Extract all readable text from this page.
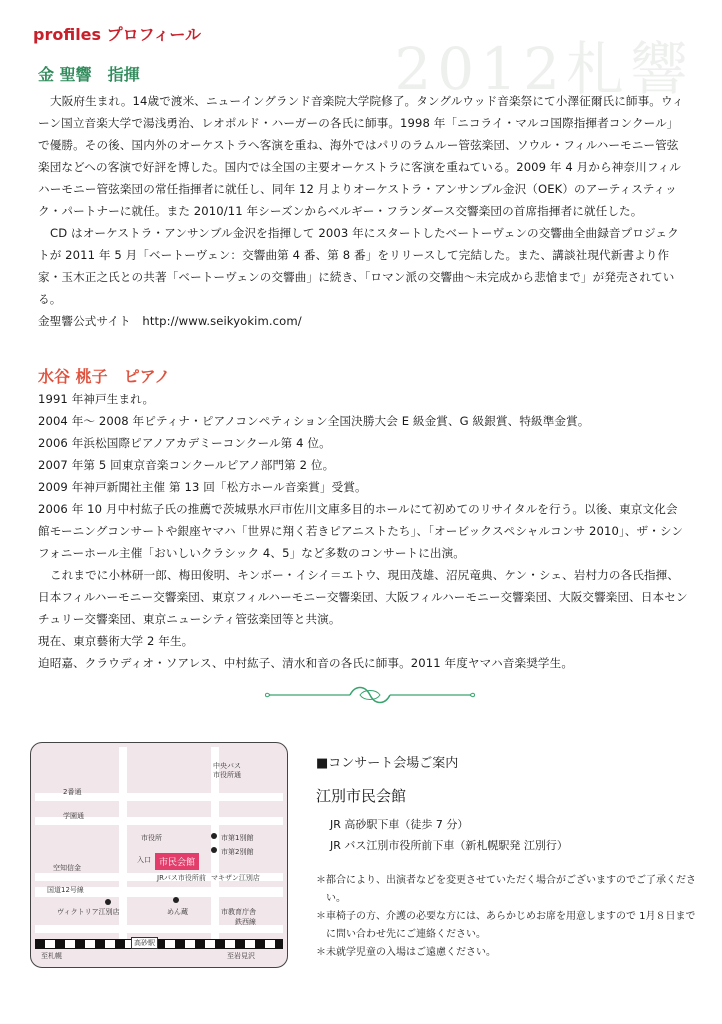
2012札響
profiles プロフィール
金 聖響　指揮

大阪府生まれ。14歳で渡米、ニューイングランド音楽院大学院修了。タングルウッド音楽祭にて小澤征爾氏に師事。ウィーン国立音楽大学で湯浅勇治、レオポルド・ハーガーの各氏に師事。1998 年「ニコライ・マルコ国際指揮者コンクール」で優勝。その後、国内外のオーケストラへ客演を重ね、海外ではパリのラムルー管弦楽団、ソウル・フィルハーモニー管弦楽団などへの客演で好評を博した。国内では全国の主要オーケストラに客演を重ねている。2009 年 4 月から神奈川フィルハーモニー管弦楽団の常任指揮者に就任し、同年 12 月よりオーケストラ・アンサンブル金沢（OEK）のアーティスティック・パートナーに就任。また 2010/11 年シーズンからベルギー・フランダース交響楽団の首席指揮者に就任した。

CD はオーケストラ・アンサンブル金沢を指揮して 2003 年にスタートしたベートーヴェンの交響曲全曲録音プロジェクトが 2011 年 5 月「ベートーヴェン：交響曲第 4 番、第 8 番」をリリースして完結した。また、講談社現代新書より作家・玉木正之氏との共著「ベートーヴェンの交響曲」に続き、「ロマン派の交響曲〜未完成から悲愴まで」が発売されている。

金聖響公式サイト　http://www.seikyokim.com/

水谷 桃子　ピアノ

1991 年神戸生まれ。

2004 年〜 2008 年ピティナ・ピアノコンペティション全国決勝大会 E 級金賞、G 級銀賞、特級準金賞。

2006 年浜松国際ピアノアカデミーコンクール第 4 位。

2007 年第 5 回東京音楽コンクールピアノ部門第 2 位。

2009 年神戸新聞社主催 第 13 回「松方ホール音楽賞」受賞。

2006 年 10 月中村紘子氏の推薦で茨城県水戸市佐川文庫多目的ホールにて初めてのリサイタルを行う。以後、東京文化会館モーニングコンサートや銀座ヤマハ「世界に翔く若きピアニストたち」、「オービックスペシャルコンサ 2010」、ザ・シンフォニーホール主催「おいしいクラシック 4、5」など多数のコンサートに出演。

これまでに小林研一郎、梅田俊明、キンボー・イシイ＝エトウ、現田茂雄、沼尻竜典、ケン・シェ、岩村力の各氏指揮、日本フィルハーモニー交響楽団、東京フィルハーモニー交響楽団、大阪フィルハーモニー交響楽団、大阪交響楽団、日本センチュリー交響楽団、東京ニューシティ管弦楽団等と共演。

現在、東京藝術大学 2 年生。

迫昭嘉、クラウディオ・ソアレス、中村紘子、清水和音の各氏に師事。2011 年度ヤマハ音楽奨学生。

中央バス
市役所通
2番通
学園通
市役所	市第1別館
市第2別館
入口 市民会館
JRバス市役所前 マキザン江別店
空知信金
国道12号線
ヴィクトリア江別店	めん蔵	市教育庁舎
鉄西線
高砂駅
至札幌	至岩見沢
■コンサート会場ご案内
江別市民会館
JR 高砂駅下車（徒歩 7 分）
JR バス江別市役所前下車（新札幌駅発 江別行）
＊都合により、出演者などを変更させていただく場合がございますのでご了承ください。
＊車椅子の方、介護の必要な方には、あらかじめお席を用意しますので 1月８日までに問い合わせ先にご連絡ください。
＊未就学児童の入場はご遠慮ください。
